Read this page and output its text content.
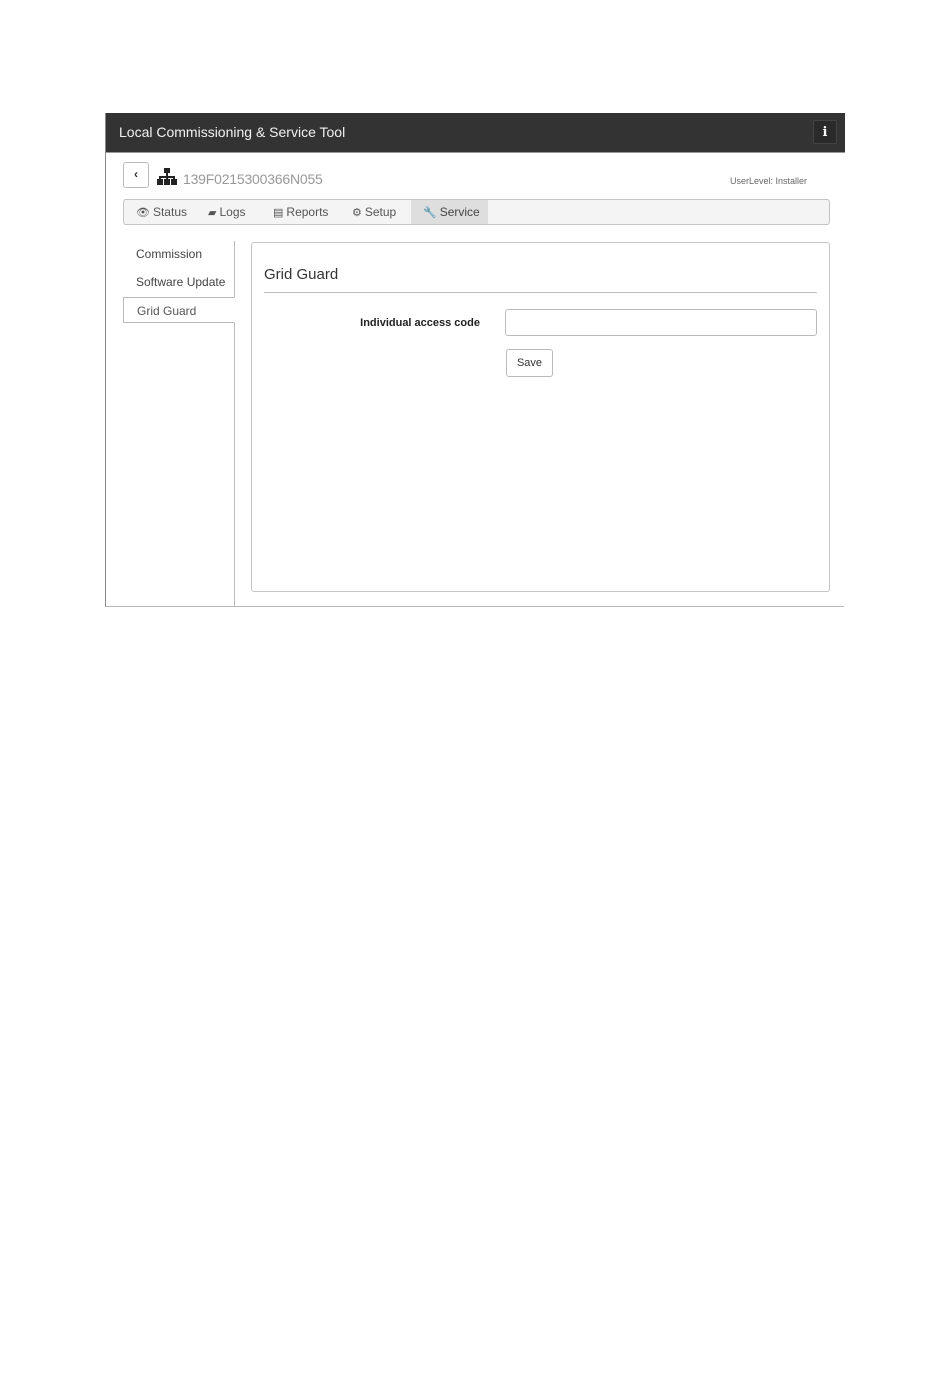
Local Commissioning & Service Tool	i
‹	139F0215300366N055	UserLevel: Installer
👁 Status	▰ Logs	▤ Reports	⚙ Setup	🔧 Service
Commission
Software Update
Grid Guard
Grid Guard
Individual access code
Save
